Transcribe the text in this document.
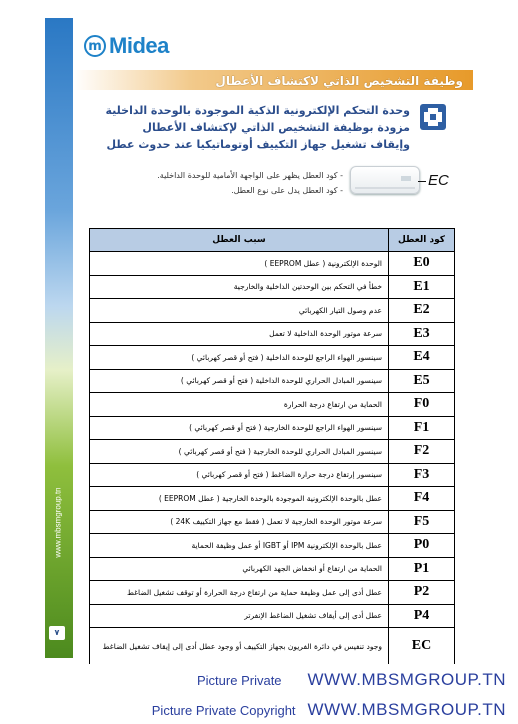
www.mbsmgroup.tn
٧
m Midea
وظيفة التشخيص الذاتي لاكتشاف الأعطال
وحدة التحكم الإلكترونية الذكية الموجودة بالوحدة الداخلية
مزودة بوظيفة التشخيص الذاتي لإكتشاف الأعطال
وإيقاف تشغيل جهاز التكييف أوتوماتيكيا عند حدوث عطل
- كود العطل يظهر على الواجهة الأمامية للوحدة الداخلية.
- كود العطل يدل على نوع العطل.
EC
سبب العطل	كود العطل
الوحدة الإلكترونية ( عطل EEPROM )	E0
خطأ في التحكم بين الوحدتين الداخلية والخارجية	E1
عدم وصول التيار الكهربائي	E2
سرعة موتور الوحدة الداخلية لا تعمل	E3
سينسور الهواء الراجع للوحدة الداخلية ( فتح أو قصر كهربائي )	E4
سينسور المبادل الحراري للوحدة الداخلية ( فتح أو قصر كهربائي )	E5
الحماية من ارتفاع درجة الحرارة	F0
سينسور الهواء الراجع للوحدة الخارجية ( فتح أو قصر كهربائي )	F1
سينسور المبادل الحراري للوحدة الخارجية ( فتح أو قصر كهربائي )	F2
سينسور إرتفاع درجة حرارة الضاغط ( فتح أو قصر كهربائي )	F3
عطل بالوحدة الإلكترونية الموجودة بالوحدة الخارجية ( عطل EEPROM )	F4
سرعة موتور الوحدة الخارجية لا تعمل ( فقط مع جهاز التكييف 24K )	F5
عطل بالوحدة الإلكترونية IPM أو IGBT أو عمل وظيفة الحماية	P0
الحماية من ارتفاع أو انخفاض الجهد الكهربائي	P1
عطل أدى إلى عمل وظيفة حماية من ارتفاع درجة الحرارة أو توقف تشغيل الضاغط	P2
عطل أدى إلى أيقاف تشغيل الضاغط الإنفرتر	P4
وجود تنفيس في دائرة الفريون بجهاز التكييف أو وجود عطل أدى إلى إيقاف تشغيل الضاغط	EC
Picture Private WWW.MBSMGROUP.TN
Picture Private Copyright WWW.MBSMGROUP.TN
